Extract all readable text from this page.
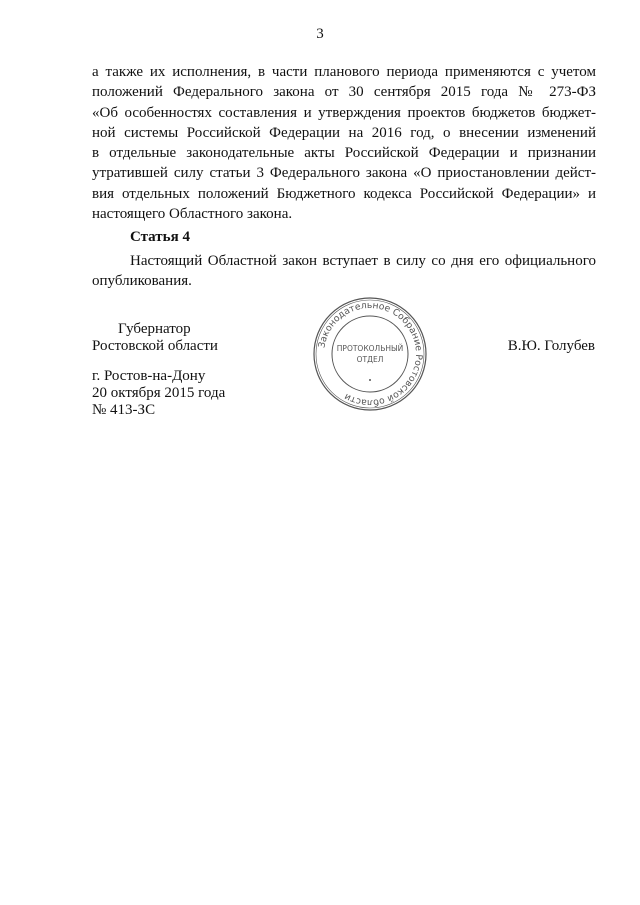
3
а также их исполнения, в части планового периода применяются с учетом
положений Федерального закона от 30 сентября 2015 года № 273-ФЗ
«Об особенностях составления и утверждения проектов бюджетов бюджет-
ной системы Российской Федерации на 2016 год, о внесении изменений
в отдельные законодательные акты Российской Федерации и признании
утратившей силу статьи 3 Федерального закона «О приостановлении дейст-
вия отдельных положений Бюджетного кодекса Российской Федерации» и
настоящего Областного закона.
Статья 4
Настоящий Областной закон вступает в силу со дня его официального
опубликования.
Губернатор
Ростовской области	В.Ю. Голубев
г. Ростов-на-Дону
20 октября 2015 года
№ 413-ЗС
Законодательное Собрание Ростовской области
ПРОТОКОЛЬНЫЙ
ОТДЕЛ
